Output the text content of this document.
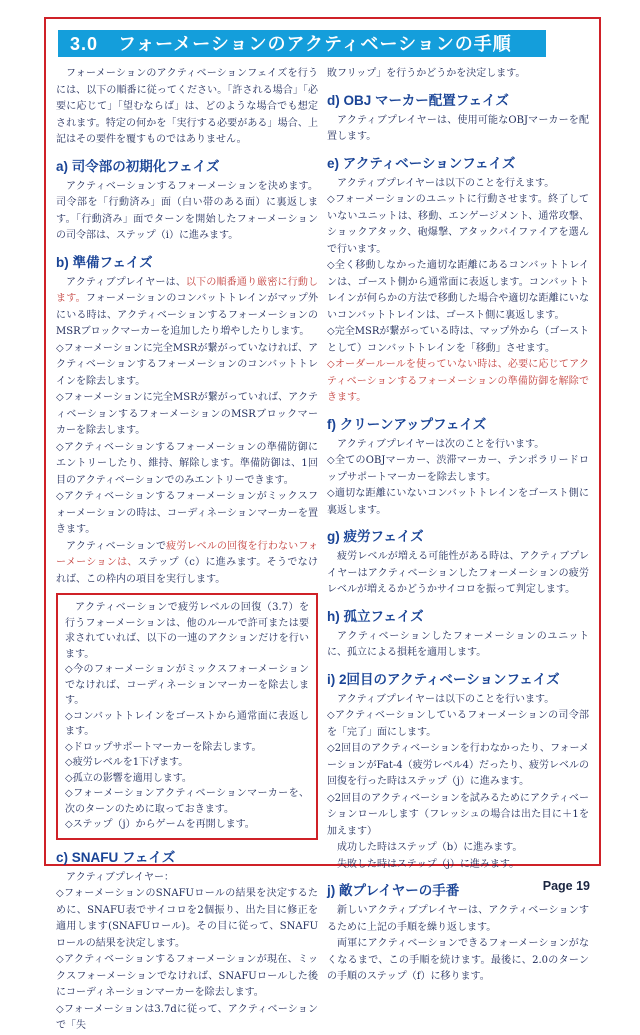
3.0 フォーメーションのアクティベーションの手順

フォーメーションのアクティベーションフェイズを行うには、以下の順番に従ってください。「許される場合」「必要に応じて」「望むならば」は、どのような場合でも想定されます。特定の何かを「実行する必要がある」場合、上記はその要件を覆すものではありません。

a) 司令部の初期化フェイズ

アクティベーションするフォーメーションを決めます。司令部を「行動済み」面（白い帯のある面）に裏返します。「行動済み」面でターンを開始したフォーメーションの司令部は、ステップ（i）に進みます。

b) 準備フェイズ

アクティブプレイヤーは、以下の順番通り厳密に行動します。フォーメーションのコンバットトレインがマップ外にいる時は、アクティベーションするフォーメーションのMSRブロックマーカーを追加したり増やしたりします。

◇フォーメーションに完全MSRが繋がっていなければ、アクティベーションするフォーメーションのコンバットトレインを除去します。

◇フォーメーションに完全MSRが繋がっていれば、アクティベーションするフォーメーションのMSRブロックマーカーを除去します。

◇アクティベーションするフォーメーションの準備防御にエントリーしたり、維持、解除します。準備防御は、1回目のアクティベーションでのみエントリーできます。

◇アクティベーションするフォーメーションがミックスフォーメーションの時は、コーディネーションマーカーを置きます。

アクティベーションで疲労レベルの回復を行わないフォーメーションは、ステップ（c）に進みます。そうでなければ、この枠内の項目を実行します。

アクティベーションで疲労レベルの回復（3.7）を行うフォーメーションは、他のルールで許可または要求されていれば、以下の一連のアクションだけを行います。

◇今のフォーメーションがミックスフォーメーションでなければ、コーディネーションマーカーを除去します。

◇コンバットトレインをゴーストから通常面に表返します。

◇ドロップサポートマーカーを除去します。

◇疲労レベルを1下げます。

◇孤立の影響を適用します。

◇フォーメーションアクティベーションマーカーを、次のターンのために取っておきます。

◇ステップ（j）からゲームを再開します。

c) SNAFU フェイズ

アクティブプレイヤー：

◇フォーメーションのSNAFUロールの結果を決定するために、SNAFU表でサイコロを2個振り、出た目に修正を適用します(SNAFUロール)。その目に従って、SNAFUロールの結果を決定します。

◇アクティベーションするフォーメーションが現在、ミックスフォーメーションでなければ、SNAFUロールした後にコーディネーションマーカーを除去します。

◇フォーメーションは3.7dに従って、アクティベーションで「失

敗フリップ」を行うかどうかを決定します。

d) OBJ マーカー配置フェイズ

アクティブプレイヤーは、使用可能なOBJマーカーを配置します。

e) アクティベーションフェイズ

アクティブプレイヤーは以下のことを行えます。

◇フォーメーションのユニットに行動させます。終了していないユニットは、移動、エンゲージメント、通常攻撃、ショックアタック、砲爆撃、アタックバイファイアを選んで行います。

◇全く移動しなかった適切な距離にあるコンバットトレインは、ゴースト側から通常面に表返します。コンバットトレインが何らかの方法で移動した場合や適切な距離にいないコンバットトレインは、ゴースト側に裏返します。

◇完全MSRが繋がっている時は、マップ外から（ゴーストとして）コンバットトレインを「移動」させます。

◇オーダールールを使っていない時は、必要に応じてアクティベーションするフォーメーションの準備防御を解除できます。

f) クリーンアップフェイズ

アクティブプレイヤーは次のことを行います。

◇全てのOBJマーカー、渋滞マーカー、テンポラリードロップサポートマーカーを除去します。

◇適切な距離にいないコンバットトレインをゴースト側に裏返します。

g) 疲労フェイズ

疲労レベルが増える可能性がある時は、アクティブプレイヤーはアクティベーションしたフォーメーションの疲労レベルが増えるかどうかサイコロを振って判定します。

h) 孤立フェイズ

アクティベーションしたフォーメーションのユニットに、孤立による損耗を適用します。

i) 2回目のアクティベーションフェイズ

アクティブプレイヤーは以下のことを行います。

◇アクティベーションしているフォーメーションの司令部を「完了」面にします。

◇2回目のアクティベーションを行わなかったり、フォーメーションがFat-4（疲労レベル4）だったり、疲労レベルの回復を行った時はステップ（j）に進みます。

◇2回目のアクティベーションを試みるためにアクティベーションロールします（フレッシュの場合は出た目に＋1を加えます）

成功した時はステップ（b）に進みます。

失敗した時はステップ（j）に進みます。

j) 敵プレイヤーの手番

新しいアクティブプレイヤーは、アクティベーションするために上記の手順を繰り返します。

両軍にアクティベーションできるフォーメーションがなくなるまで、この手順を続けます。最後に、2.0のターンの手順のステップ（f）に移ります。

Page 19
